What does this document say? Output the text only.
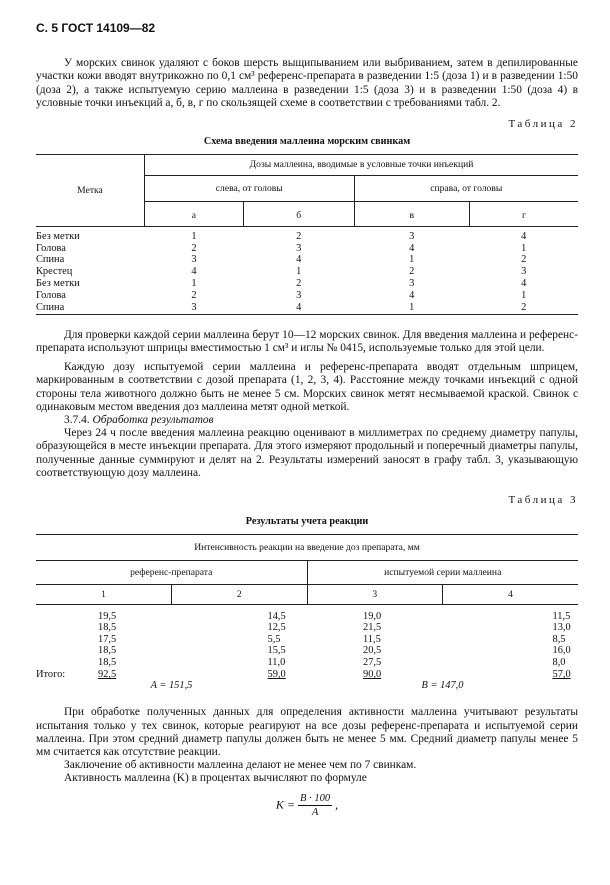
С. 5 ГОСТ 14109—82

У морских свинок удаляют с боков шерсть выщипыванием или выбриванием, затем в депилированные участки кожи вводят внутрикожно по 0,1 см³ референс-препарата в разведении 1:5 (доза 1) и в разведении 1:50 (доза 2), а также испытуемую серию маллеина в разведении 1:5 (доза 3) и в разведении 1:50 (доза 4) в условные точки инъекций а, б, в, г по скользящей схеме в соответствии с требованиями табл. 2.

Таблица 2
Схема введения маллеина морским свинкам
Метка	Дозы маллеина, вводимые в условные точки инъекций			
	слева, от головы		справа, от головы	
	а	б	в	г

Без метки	1	2	3	4
Голова	2	3	4	1
Спина	3	4	1	2
Крестец	4	1	2	3
Без метки	1	2	3	4
Голова	2	3	4	1
Спина	3	4	1	2

Для проверки каждой серии маллеина берут 10—12 морских свинок. Для введения маллеина и референс-препарата используют шприцы вместимостью 1 см³ и иглы № 0415, используемые только для этой цели.

Каждую дозу испытуемой серии маллеина и референс-препарата вводят отдельным шприцем, маркированным в соответствии с дозой препарата (1, 2, 3, 4). Расстояние между точками инъекций с одной стороны тела животного должно быть не менее 5 см. Морских свинок метят несмываемой краской. Свинок с одинаковым местом введения доз маллеина метят одной меткой.

3.7.4. Обработка результатов

Через 24 ч после введения маллеина реакцию оценивают в миллиметрах по среднему диаметру папулы, образующейся в месте инъекции препарата. Для этого измеряют продольный и поперечный диаметры папулы, полученные данные суммируют и делят на 2. Результаты измерений заносят в графу табл. 3, указывающую соответствующую дозу маллеина.

Таблица 3
Результаты учета реакции
Интенсивность реакции на введение доз препарата, мм			
референс-препарата		испытуемой серии маллеина	
1	2	3	4

19,5	14,5	19,0	11,5
18,5	12,5	21,5	13,0
17,5	5,5	11,5	8,5
18,5	15,5	20,5	16,0
18,5	11,0	27,5	8,0

Итого: 92,5	59,0	90,0	57,0
A = 151,5		B = 147,0	

При обработке полученных данных для определения активности маллеина учитывают результаты испытания только у тех свинок, которые реагируют на все дозы референс-препарата и испытуемой серии маллеина. При этом средний диаметр папулы должен быть не менее 5 мм. Средний диаметр папулы менее 5 мм считается как отсутствие реакции.

Заключение об активности маллеина делают не менее чем по 7 свинкам.

Активность маллеина (K) в процентах вычисляют по формуле

$K = \frac{B \cdot 100}{A}$ ,
